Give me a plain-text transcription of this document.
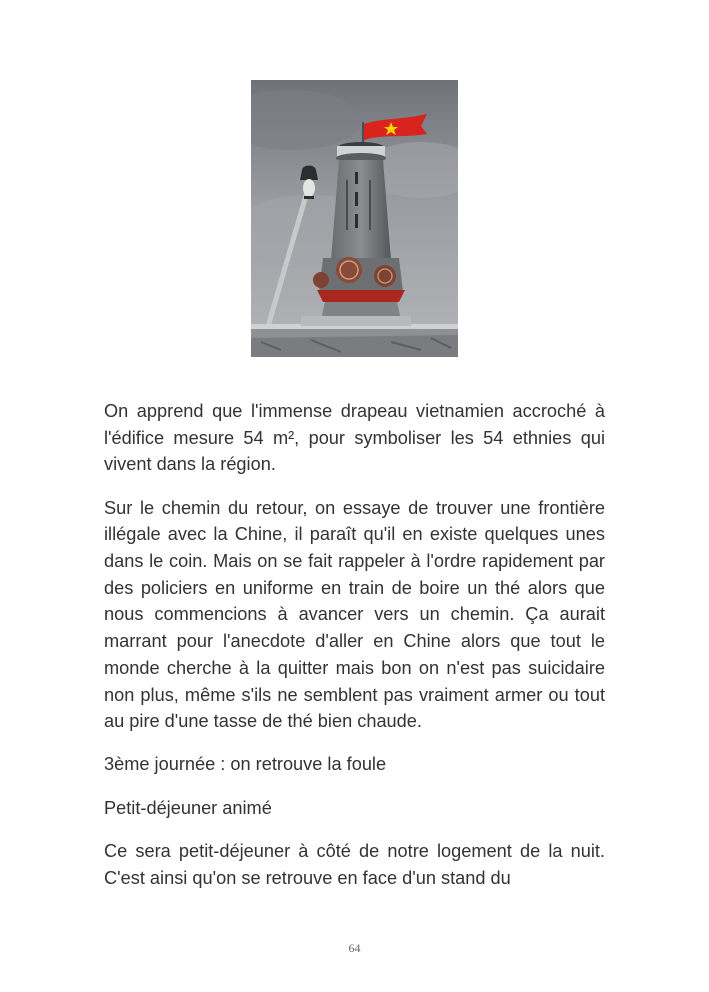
On apprend que l'immense drapeau vietnamien accroché à l'édifice mesure 54 m², pour symboliser les 54 ethnies qui vivent dans la région.

Sur le chemin du retour, on essaye de trouver une frontière illégale avec la Chine, il paraît qu'il en existe quelques unes dans le coin. Mais on se fait rappeler à l'ordre rapidement par des policiers en uniforme en train de boire un thé alors que nous commencions à avancer vers un chemin. Ça aurait marrant pour l'anecdote d'aller en Chine alors que tout le monde cherche à la quitter mais bon on n'est pas suicidaire non plus, même s'ils ne semblent pas vraiment armer ou tout au pire d'une tasse de thé bien chaude.

3ème journée : on retrouve la foule

Petit-déjeuner animé

Ce sera petit-déjeuner à côté de notre logement de la nuit. C'est ainsi qu'on se retrouve en face d'un stand du

64
